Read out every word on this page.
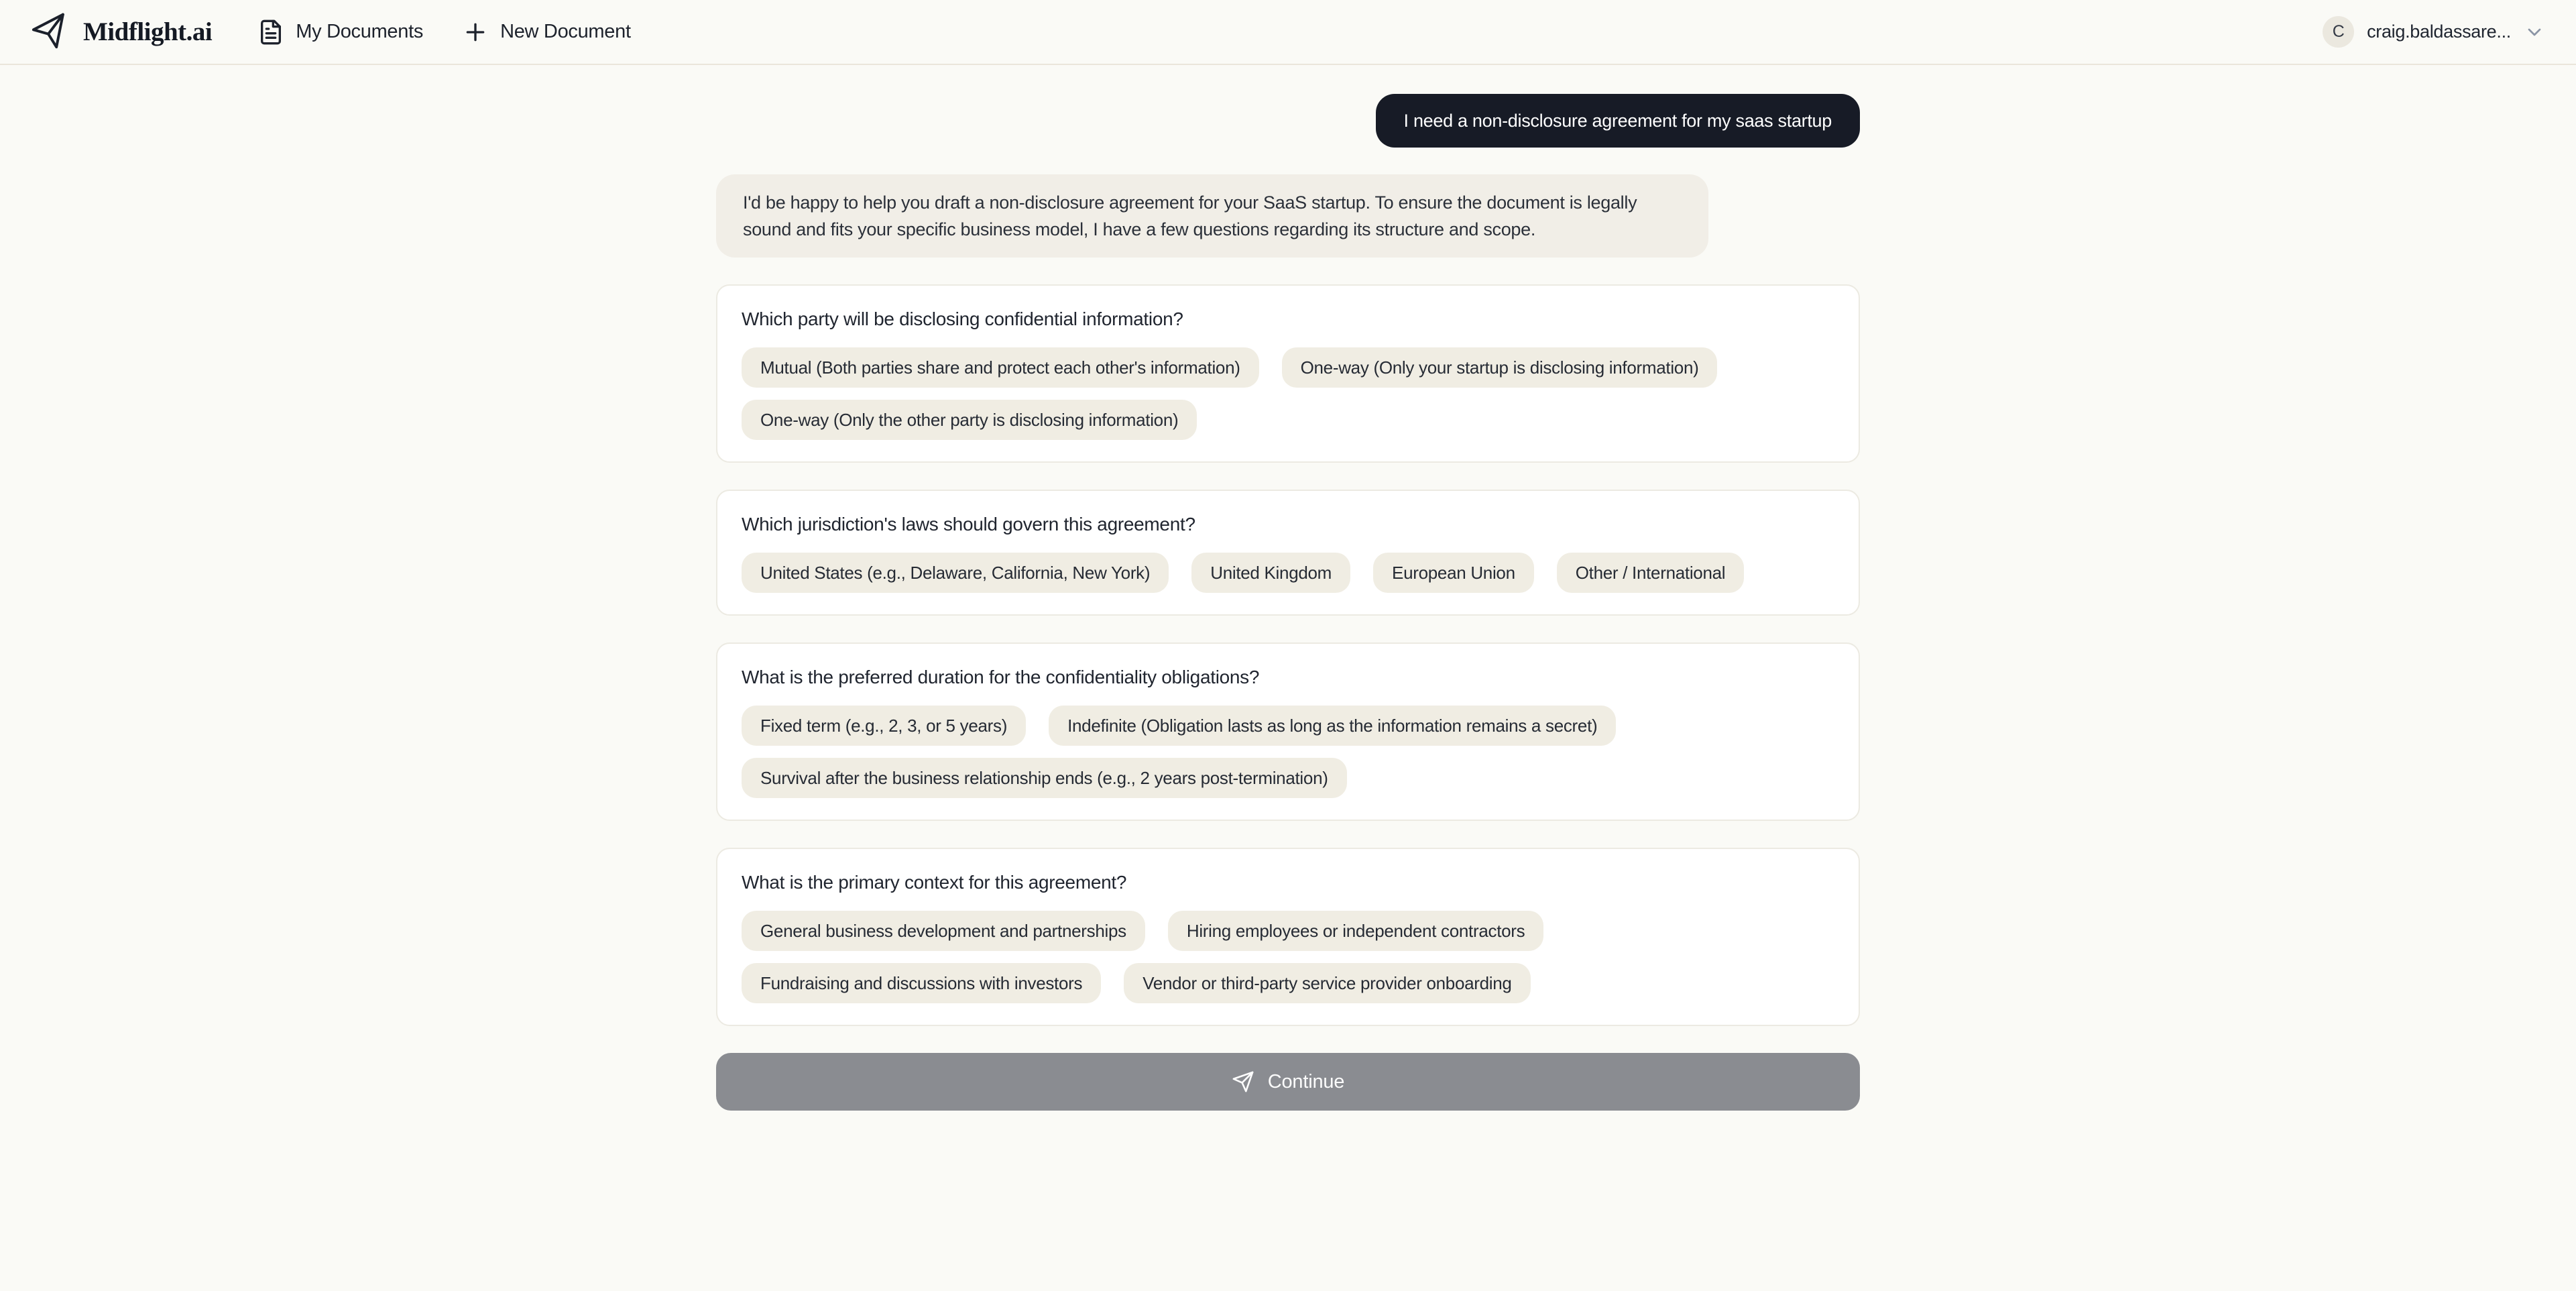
Midflight.ai	My Documents	New Document	C	craig.baldassare...
I need a non-disclosure agreement for my saas startup
I'd be happy to help you draft a non-disclosure agreement for your SaaS startup. To ensure the document is legally sound and fits your specific business model, I have a few questions regarding its structure and scope.
Which party will be disclosing confidential information?
Mutual (Both parties share and protect each other's information)	One-way (Only your startup is disclosing information)
One-way (Only the other party is disclosing information)
Which jurisdiction's laws should govern this agreement?
United States (e.g., Delaware, California, New York)	United Kingdom	European Union	Other / International
What is the preferred duration for the confidentiality obligations?
Fixed term (e.g., 2, 3, or 5 years)	Indefinite (Obligation lasts as long as the information remains a secret)
Survival after the business relationship ends (e.g., 2 years post-termination)
What is the primary context for this agreement?
General business development and partnerships	Hiring employees or independent contractors
Fundraising and discussions with investors	Vendor or third-party service provider onboarding
Continue
